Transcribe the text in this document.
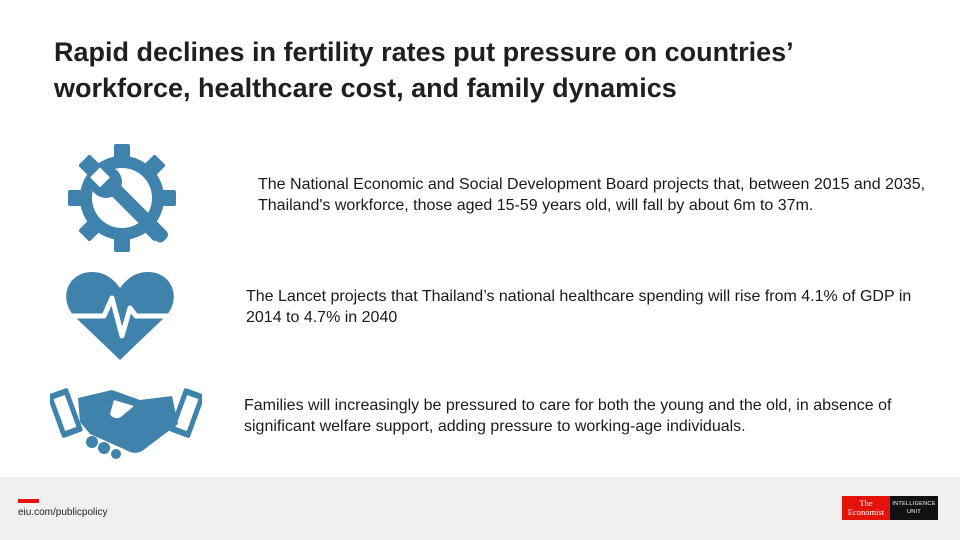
Rapid declines in fertility rates put pressure on countries’ workforce, healthcare cost, and family dynamics
The National Economic and Social Development Board projects that, between 2015 and 2035, Thailand's workforce, those aged 15-59 years old, will fall by about 6m to 37m.
The Lancet projects that Thailand’s national healthcare spending will rise from 4.1% of GDP in 2014 to 4.7% in 2040
Families will increasingly be pressured to care for both the young and the old, in absence of significant welfare support, adding pressure to working-age individuals.
eiu.com/publicpolicy
The
Economist
INTELLIGENCE
UNIT
